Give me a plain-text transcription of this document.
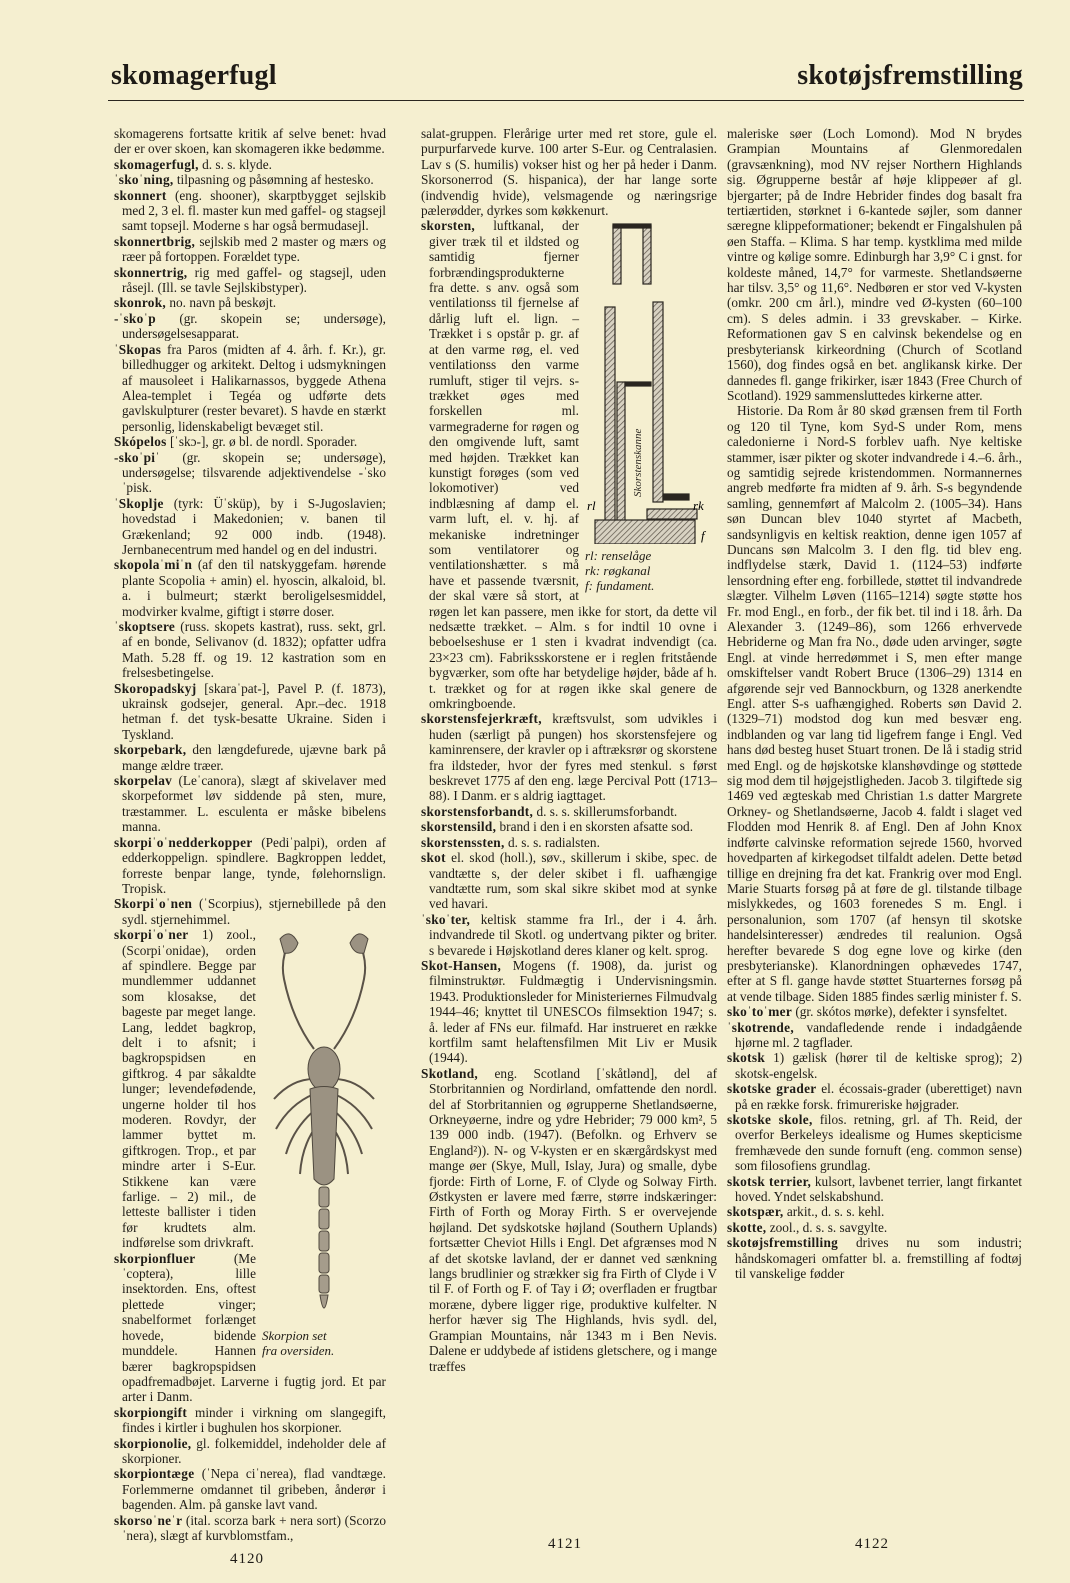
skomagerfugl	skotøjsfremstilling

skomagerens fortsatte kritik af selve benet: hvad der er over skoen, kan skomageren ikke bedømme.

skomagerfugl, d. s. s. klyde.

ˈskoˈning, tilpasning og påsømning af hestesko.

skonnert (eng. shooner), skarptbygget sejlskib med 2, 3 el. fl. master kun med gaffel- og stagsejl samt topsejl. Moderne s har også bermudasejl.

skonnertbrig, sejlskib med 2 master og mærs og ræer på fortoppen. Forældet type.

skonnertrig, rig med gaffel- og stagsejl, uden råsejl. (Ill. se tavle Sejlskibstyper).

skonrok, no. navn på beskøjt.

-ˈskoˈp (gr. skopein se; undersøge), undersøgelsesapparat.

ˈSkopas fra Paros (midten af 4. årh. f. Kr.), gr. billedhugger og arkitekt. Deltog i udsmykningen af mausoleet i Halikarnassos, byggede Athena Alea-templet i Tegéa og udførte dets gavlskulpturer (rester bevaret). S havde en stærkt personlig, lidenskabeligt bevæget stil.

Skópelos [ˈskɔ-], gr. ø bl. de nordl. Sporader.

-skoˈpiˈ (gr. skopein se; undersøge), undersøgelse; tilsvarende adjektivendelse -ˈskoˈpisk.

ˈSkoplje (tyrk: Üˈsküp), by i S-Jugoslavien; hovedstad i Makedonien; v. banen til Grækenland; 92 000 indb. (1948). Jernbanecentrum med handel og en del industri.

skopolaˈmiˈn (af den til natskyggefam. hørende plante Scopolia + amin) el. hyoscin, alkaloid, bl. a. i bulmeurt; stærkt beroligelsesmiddel, modvirker kvalme, giftigt i større doser.

ˈskoptsere (russ. skopets kastrat), russ. sekt, grl. af en bonde, Selivanov (d. 1832); opfatter udfra Math. 5.28 ff. og 19. 12 kastration som en frelsesbetingelse.

Skoropadskyj [skaraˈpat-], Pavel P. (f. 1873), ukrainsk godsejer, general. Apr.–dec. 1918 hetman f. det tysk-besatte Ukraine. Siden i Tyskland.

skorpebark, den længdefurede, ujævne bark på mange ældre træer.

skorpelav (Leˈcanora), slægt af skivelaver med skorpeformet løv siddende på sten, mure, træstammer. L. esculenta er måske bibelens manna.

skorpiˈoˈnedderkopper (Pediˈpalpi), orden af edderkoppelign. spindlere. Bagkroppen leddet, forreste benpar lange, tynde, følehornslign. Tropisk.

Skorpiˈoˈnen (ˈScorpius), stjernebillede på den sydl. stjernehimmel.

Skorpion set
fra oversiden.
skorpiˈoˈner 1) zool., (Scorpiˈonidae), orden af spindlere. Begge par mundlemmer uddannet som klosakse, det bageste par meget lange. Lang, leddet bagkrop, delt i to afsnit; i bagkropspidsen en giftkrog. 4 par såkaldte lunger; levendefødende, ungerne holder til hos moderen. Rovdyr, der lammer byttet m. giftkrogen. Trop., et par mindre arter i S-Eur. Stikkene kan være farlige. – 2) mil., de letteste ballister i tiden før krudtets alm. indførelse som drivkraft.

skorpionfluer (Meˈcoptera), lille insektorden. Ens, oftest plettede vinger; snabelformet forlænget hovede, bidende munddele. Hannen bærer bagkropspidsen opadfremadbøjet. Larverne i fugtig jord. Et par arter i Danm.

skorpiongift minder i virkning om slangegift, findes i kirtler i bughulen hos skorpioner.

skorpionolie, gl. folkemiddel, indeholder dele af skorpioner.

skorpiontæge (ˈNepa ciˈnerea), flad vandtæge. Forlemmerne omdannet til gribeben, ånderør i bagenden. Alm. på ganske lavt vand.

skorsoˈneˈr (ital. scorza bark + nera sort) (Scorzoˈnera), slægt af kurvblomstfam.,

salat-gruppen. Flerårige urter med ret store, gule el. purpurfarvede kurve. 100 arter S-Eur. og Centralasien. Lav s (S. humilis) vokser hist og her på heder i Danm. Skorsonerrod (S. hispanica), der har lange sorte (indvendig hvide), velsmagende og næringsrige pælerødder, dyrkes som køkkenurt.

Skorstenskanne
rl	rk
f
rl: renselåge
rk: røgkanal
f: fundament.
skorsten, luftkanal, der giver træk til et ildsted og samtidig fjerner forbrændingsprodukterne fra dette. s anv. også som ventilationss til fjernelse af dårlig luft el. lign. – Trækket i s opstår p. gr. af at den varme røg, el. ved ventilationss den varme rumluft, stiger til vejrs. s-trækket øges med forskellen ml. varmegraderne for røgen og den omgivende luft, samt med højden. Trækket kan kunstigt forøges (som ved lokomotiver) ved indblæsning af damp el. varm luft, el. v. hj. af mekaniske indretninger som ventilatorer og ventilationshætter. s må have et passende tværsnit, der skal være så stort, at røgen let kan passere, men ikke for stort, da dette vil nedsætte trækket. – Alm. s for indtil 10 ovne i beboelseshuse er 1 sten i kvadrat indvendigt (ca. 23×23 cm). Fabriksskorstene er i reglen fritstående bygværker, som ofte har betydelige højder, både af h. t. trækket og for at røgen ikke skal genere de omkringboende.

skorstensfejerkræft, kræftsvulst, som udvikles i huden (særligt på pungen) hos skorstensfejere og kaminrensere, der kravler op i aftræksrør og skorstene fra ildsteder, hvor der fyres med stenkul. s først beskrevet 1775 af den eng. læge Percival Pott (1713–88). I Danm. er s aldrig iagttaget.

skorstensforbandt, d. s. s. skillerumsforbandt.

skorstensild, brand i den i en skorsten afsatte sod.

skorstenssten, d. s. s. radialsten.

skot el. skod (holl.), søv., skillerum i skibe, spec. de vandtætte s, der deler skibet i fl. uafhængige vandtætte rum, som skal sikre skibet mod at synke ved havari.

ˈskoˈter, keltisk stamme fra Irl., der i 4. årh. indvandrede til Skotl. og undertvang pikter og briter. s bevarede i Højskotland deres klaner og kelt. sprog.

Skot-Hansen, Mogens (f. 1908), da. jurist og filminstruktør. Fuldmægtig i Undervisningsmin. 1943. Produktionsleder for Ministeriernes Filmudvalg 1944–46; knyttet til UNESCOs filmsektion 1947; s. å. leder af FNs eur. filmafd. Har instrueret en række kortfilm samt helaftensfilmen Mit Liv er Musik (1944).

Skotland, eng. Scotland [ˈskåtlənd], del af Storbritannien og Nordirland, omfattende den nordl. del af Storbritannien og øgrupperne Shetlandsøerne, Orkneyøerne, indre og ydre Hebrider; 79 000 km², 5 139 000 indb. (1947). (Befolkn. og Erhverv se England²)). N- og V-kysten er en skærgårdskyst med mange øer (Skye, Mull, Islay, Jura) og smalle, dybe fjorde: Firth of Lorne, F. of Clyde og Solway Firth. Østkysten er lavere med færre, større indskæringer: Firth of Forth og Moray Firth. S er overvejende højland. Det sydskotske højland (Southern Uplands) fortsætter Cheviot Hills i Engl. Det afgrænses mod N af det skotske lavland, der er dannet ved sænkning langs brudlinier og strækker sig fra Firth of Clyde i V til F. of Forth og F. of Tay i Ø; overfladen er frugtbar moræne, dybere ligger rige, produktive kulfelter. N herfor hæver sig The Highlands, hvis sydl. del, Grampian Mountains, når 1343 m i Ben Nevis. Dalene er uddybede af istidens gletschere, og i mange træffes

maleriske søer (Loch Lomond). Mod N brydes Grampian Mountains af Glenmoredalen (gravsænkning), mod NV rejser Northern Highlands sig. Øgrupperne består af høje klippeøer af gl. bjergarter; på de Indre Hebrider findes dog basalt fra tertiærtiden, størknet i 6-kantede søjler, som danner særegne klippeformationer; bekendt er Fingalshulen på øen Staffa. – Klima. S har temp. kystklima med milde vintre og kølige somre. Edinburgh har 3,9° C i gnst. for koldeste måned, 14,7° for varmeste. Shetlandsøerne har tilsv. 3,5° og 11,6°. Nedbøren er stor ved V-kysten (omkr. 200 cm årl.), mindre ved Ø-kysten (60–100 cm). S deles admin. i 33 grevskaber. – Kirke. Reformationen gav S en calvinsk bekendelse og en presbyteriansk kirkeordning (Church of Scotland 1560), dog findes også en bet. anglikansk kirke. Der dannedes fl. gange frikirker, især 1843 (Free Church of Scotland). 1929 sammensluttedes kirkerne atter.

Historie. Da Rom år 80 skød grænsen frem til Forth og 120 til Tyne, kom Syd-S under Rom, mens caledonierne i Nord-S forblev uafh. Nye keltiske stammer, især pikter og skoter indvandrede i 4.–6. årh., og samtidig sejrede kristendommen. Normannernes angreb medførte fra midten af 9. årh. S-s begyndende samling, gennemført af Malcolm 2. (1005–34). Hans søn Duncan blev 1040 styrtet af Macbeth, sandsynligvis en keltisk reaktion, denne igen 1057 af Duncans søn Malcolm 3. I den flg. tid blev eng. indflydelse stærk, David 1. (1124–53) indførte lensordning efter eng. forbillede, støttet til indvandrede slægter. Vilhelm Løven (1165–1214) søgte støtte hos Fr. mod Engl., en forb., der fik bet. til ind i 18. årh. Da Alexander 3. (1249–86), som 1266 erhvervede Hebriderne og Man fra No., døde uden arvinger, søgte Engl. at vinde herredømmet i S, men efter mange omskiftelser vandt Robert Bruce (1306–29) 1314 en afgørende sejr ved Bannockburn, og 1328 anerkendte Engl. atter S-s uafhængighed. Roberts søn David 2. (1329–71) modstod dog kun med besvær eng. indblanden og var lang tid ligefrem fange i Engl. Ved hans død besteg huset Stuart tronen. De lå i stadig strid med Engl. og de højskotske klanshøvdinge og støttede sig mod dem til højgejstligheden. Jacob 3. tilgiftede sig 1469 ved ægteskab med Christian 1.s datter Margrete Orkney- og Shetlandsøerne, Jacob 4. faldt i slaget ved Flodden mod Henrik 8. af Engl. Den af John Knox indførte calvinske reformation sejrede 1560, hvorved hovedparten af kirkegodset tilfaldt adelen. Dette betød tillige en drejning fra det kat. Frankrig over mod Engl. Marie Stuarts forsøg på at føre de gl. tilstande tilbage mislykkedes, og 1603 forenedes S m. Engl. i personalunion, som 1707 (af hensyn til skotske handelsinteresser) ændredes til realunion. Også herefter bevarede S dog egne love og kirke (den presbyterianske). Klanordningen ophævedes 1747, efter at S fl. gange havde støttet Stuarternes forsøg på at vende tilbage. Siden 1885 findes særlig minister f. S.

skoˈtoˈmer (gr. skótos mørke), defekter i synsfeltet.

ˈskotrende, vandafledende rende i indadgående hjørne ml. 2 tagflader.

skotsk 1) gælisk (hører til de keltiske sprog); 2) skotsk-engelsk.

skotske grader el. écossais-grader (uberettiget) navn på en række forsk. frimureriske højgrader.

skotske skole, filos. retning, grl. af Th. Reid, der overfor Berkeleys idealisme og Humes skepticisme fremhævede den sunde fornuft (eng. common sense) som filosofiens grundlag.

skotsk terrier, kulsort, lavbenet terrier, langt firkantet hoved. Yndet selskabshund.

skotspær, arkit., d. s. s. kehl.

skotte, zool., d. s. s. savgylte.

skotøjsfremstilling drives nu som industri; håndskomageri omfatter bl. a. fremstilling af fodtøj til vanskelige fødder

4120
4121	4122
